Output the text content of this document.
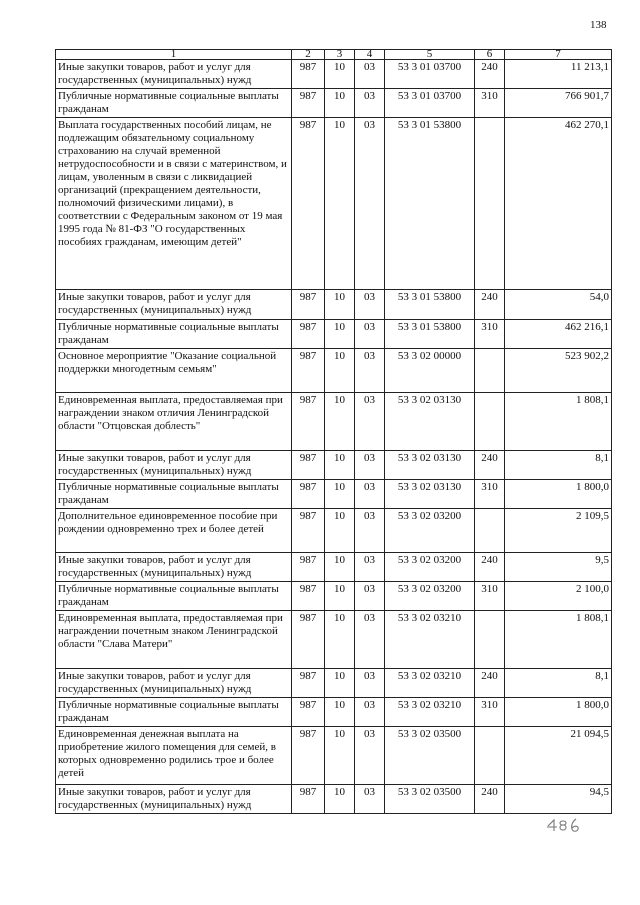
138
1	2	3	4	5	6	7
Иные закупки товаров, работ и услуг для государственных (муниципальных) нужд	987	10	03	53 3 01 03700	240	11 213,1
Публичные нормативные социальные выплаты гражданам	987	10	03	53 3 01 03700	310	766 901,7
Выплата государственных пособий лицам, не подлежащим обязательному социальному страхованию на случай временной нетрудоспособности и в связи с материнством, и лицам, уволенным в связи с ликвидацией организаций (прекращением деятельности, полномочий физическими лицами), в соответствии с Федеральным законом от 19 мая 1995 года № 81-ФЗ "О государственных пособиях гражданам, имеющим детей"	987	10	03	53 3 01 53800		462 270,1
Иные закупки товаров, работ и услуг для государственных (муниципальных) нужд	987	10	03	53 3 01 53800	240	54,0
Публичные нормативные социальные выплаты гражданам	987	10	03	53 3 01 53800	310	462 216,1
Основное мероприятие "Оказание социальной поддержки многодетным семьям"	987	10	03	53 3 02 00000		523 902,2
Единовременная выплата, предоставляемая при награждении знаком отличия Ленинградской области "Отцовская доблесть"	987	10	03	53 3 02 03130		1 808,1
Иные закупки товаров, работ и услуг для государственных (муниципальных) нужд	987	10	03	53 3 02 03130	240	8,1
Публичные нормативные социальные выплаты гражданам	987	10	03	53 3 02 03130	310	1 800,0
Дополнительное единовременное пособие при рождении одновременно трех и более детей	987	10	03	53 3 02 03200		2 109,5
Иные закупки товаров, работ и услуг для государственных (муниципальных) нужд	987	10	03	53 3 02 03200	240	9,5
Публичные нормативные социальные выплаты гражданам	987	10	03	53 3 02 03200	310	2 100,0
Единовременная выплата, предоставляемая при награждении почетным знаком Ленинградской области "Слава Матери"	987	10	03	53 3 02 03210		1 808,1
Иные закупки товаров, работ и услуг для государственных (муниципальных) нужд	987	10	03	53 3 02 03210	240	8,1
Публичные нормативные социальные выплаты гражданам	987	10	03	53 3 02 03210	310	1 800,0
Единовременная денежная выплата на приобретение жилого помещения для семей, в которых одновременно родились трое и более детей	987	10	03	53 3 02 03500		21 094,5
Иные закупки товаров, работ и услуг для государственных (муниципальных) нужд	987	10	03	53 3 02 03500	240	94,5
